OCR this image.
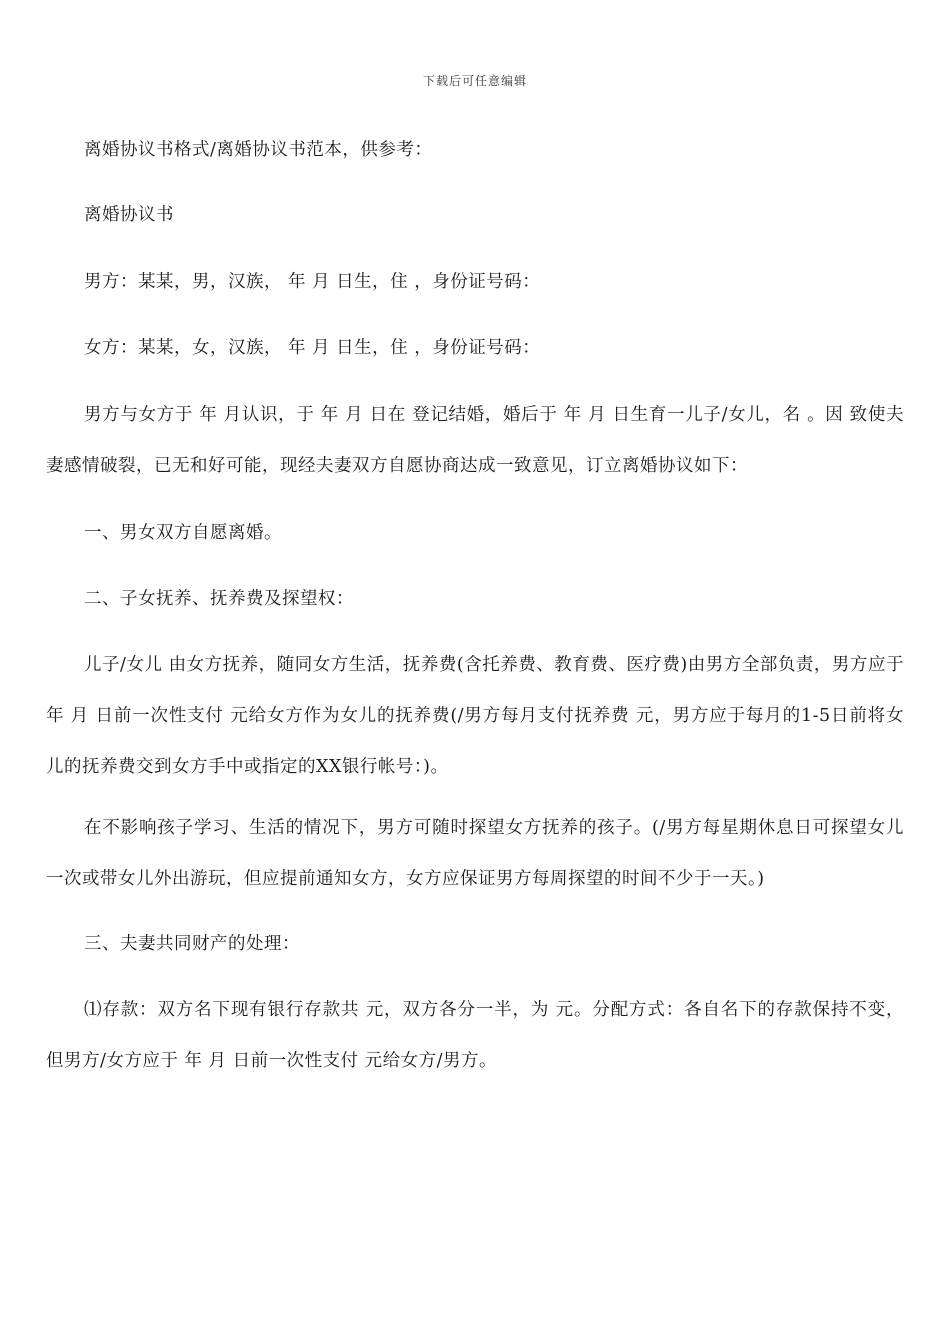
下载后可任意编辑

离婚协议书格式/离婚协议书范本，供参考：

离婚协议书

男方：某某，男，汉族， 年 月 日生，住 ，身份证号码：

女方：某某，女，汉族， 年 月 日生，住 ，身份证号码：

男方与女方于 年 月认识，于 年 月 日在 登记结婚，婚后于 年 月 日生育一儿子/女儿，名 。因 致使夫妻感情破裂，已无和好可能，现经夫妻双方自愿协商达成一致意见，订立离婚协议如下：

一、男女双方自愿离婚。

二、子女抚养、抚养费及探望权：

儿子/女儿 由女方抚养，随同女方生活，抚养费(含托养费、教育费、医疗费)由男方全部负责，男方应于 年 月 日前一次性支付 元给女方作为女儿的抚养费(/男方每月支付抚养费 元，男方应于每月的1-5日前将女儿的抚养费交到女方手中或指定的XX银行帐号：)。

在不影响孩子学习、生活的情况下，男方可随时探望女方抚养的孩子。(/男方每星期休息日可探望女儿一次或带女儿外出游玩，但应提前通知女方，女方应保证男方每周探望的时间不少于一天。)

三、夫妻共同财产的处理：

⑴存款：双方名下现有银行存款共 元，双方各分一半，为 元。分配方式：各自名下的存款保持不变，但男方/女方应于 年 月 日前一次性支付 元给女方/男方。
